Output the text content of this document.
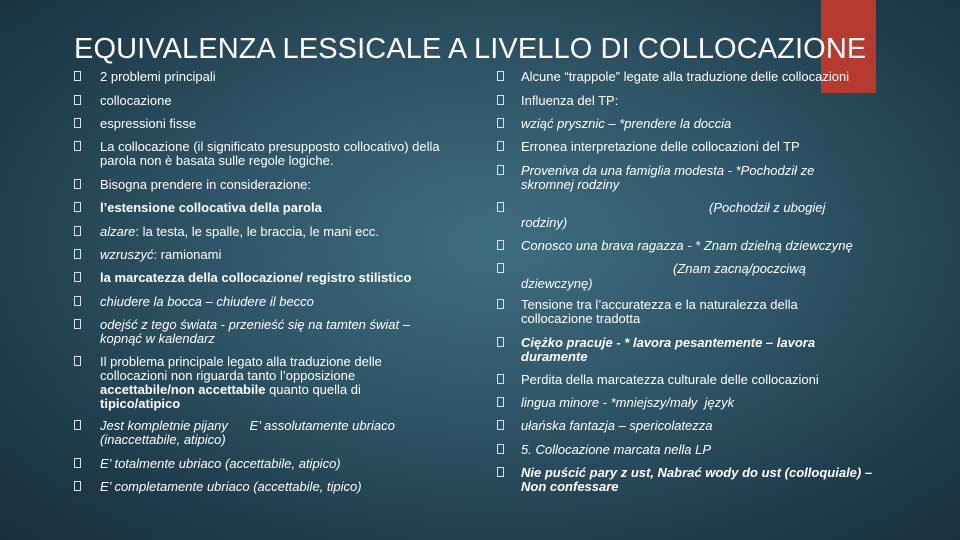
EQUIVALENZA LESSICALE A LIVELLO DI COLLOCAZIONE
2 problemi principali
collocazione
espressioni fisse
La collocazione (il significato presupposto collocativo) della parola non è basata sulle regole logiche.
Bisogna prendere in considerazione:
l’estensione collocativa della parola
alzare: la testa, le spalle, le braccia, le mani ecc.
wzruszyć: ramionami
la marcatezza della collocazione/ registro stilistico
chiudere la bocca – chiudere il becco
odejść z tego świata - przenieść się na tamten świat – kopnąć w kalendarz
Il problema principale legato alla traduzione delle collocazioni non riguarda tanto l’opposizione accettabile/non accettabile quanto quella di tipico/atipico
Jest kompletnie pijany      E’ assolutamente ubriaco
(inaccettabile, atipico)
E’ totalmente ubriaco (accettabile, atipico)
E’ completamente ubriaco (accettabile, tipico)
Alcune “trappole” legate alla traduzione delle collocazioni
Influenza del TP:
wziąć prysznic – *prendere la doccia
Erronea interpretazione delle collocazioni del TP
Proveniva da una famiglia modesta - *Pochodził ze skromnej rodziny
(Pochodził z ubogiej
rodziny)
Conosco una brava ragazza - * Znam dzielną dziewczynę
(Znam zacną/poczciwą
dziewczynę)
Tensione tra l’accuratezza e la naturalezza della collocazione tradotta
Ciężko pracuje - * lavora pesantemente – lavora duramente
Perdita della marcatezza culturale delle collocazioni
lingua minore - *mniejszy/mały  język
ułańska fantazja – spericolatezza
5. Collocazione marcata nella LP
Nie puścić pary z ust, Nabrać wody do ust (colloquiale) – Non confessare
